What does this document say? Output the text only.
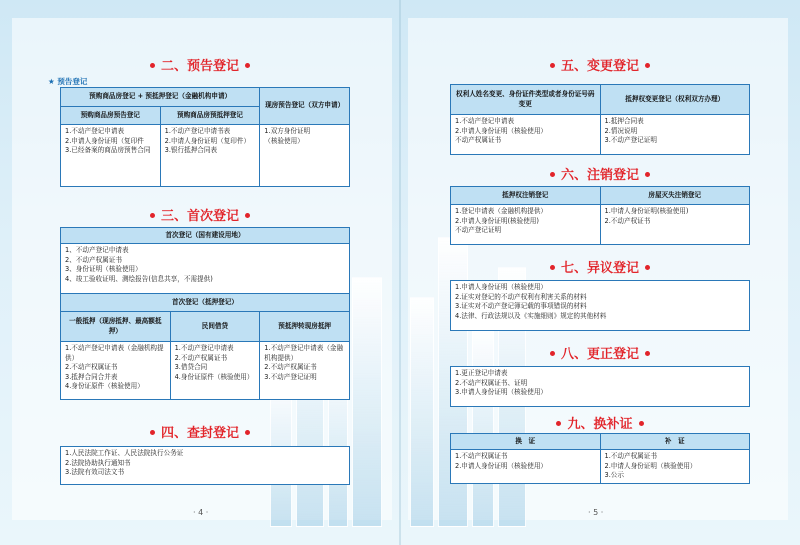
二、预告登记
★ 预告登记
预购商品房登记 + 预抵押登记（金融机构申请）		现房预告登记（双方申请）
预购商品房预告登记	预购商品房预抵押登记	

1.不动产登记申请表
2.申请人身份证明（复印件
3.已经备案的商品房预售合同	1.不动产登记申请书表
2.申请人身份证明（复印件）
3.银行抵押合同表	1.双方身份证明
（核验使用）
三、首次登记
首次登记（国有建设用地）		

1、不动产登记申请表
2、不动产权属证书
3、身份证明（核验使用）
4、竣工验收证明、测绘报告(信息共享，不需提供)		

首次登记（抵押登记）		
一般抵押（现房抵押、最高额抵押）	民间借贷	预抵押转现房抵押

1.不动产登记申请表（金融机构提供）
2.不动产权属证书
3.抵押合同合并表
4.身份证原件（核验使用）	1.不动产登记申请表
2.不动产权属证书
3.借贷合同
4.身份证原件（核验使用）	1.不动产登记申请表（金融机构提供）
2.不动产权属证书
3.不动产登记证明
四、查封登记
1.人民法院工作证、人民法院执行公务证
2.法院协助执行通知书
3.法院有效司法文书
· 4 ·
五、变更登记
权利人姓名变更、身份证件类型或者身份证号码变更	抵押权变更登记（权利双方办理）

1.不动产登记申请表
2.申请人身份证明（核验使用）
不动产权属证书	1.抵押合同表
2.情况说明
3.不动产登记证明
六、注销登记
抵押权注销登记	房屋灭失注销登记

1.登记申请表（金融机构提供）
2.申请人身份证明(核验使用)
不动产登记证明	1.申请人身份证明(核验使用)
2.不动产权证书
七、异议登记
1.申请人身份证明（核验使用）
2.证实对登记的不动产权利有利害关系的材料
3.证实对不动产登记簿记载的事项错误的材料
4.法律、行政法规以及《实施细则》规定的其他材料
八、更正登记
1.更正登记申请表
2.不动产权属证书、证明
3.申请人身份证明（核验使用）
九、换补证
换　证	补　证

1.不动产权属证书
2.申请人身份证明（核验使用）	1.不动产权属证书
2.申请人身份证明（核验使用）
3.公示
· 5 ·
